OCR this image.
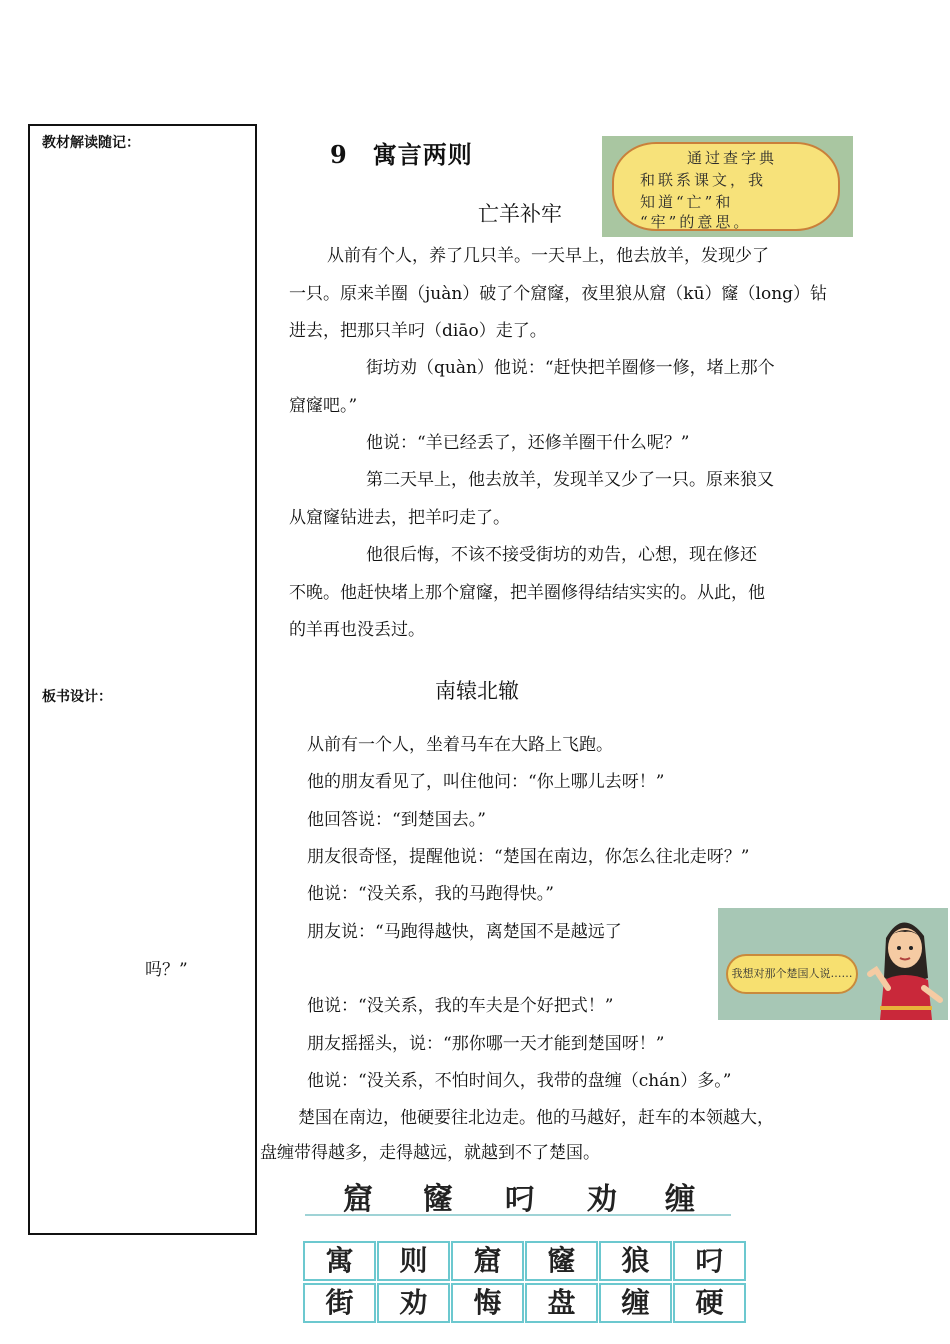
教材解读随记：
板书设计：
9　寓言两则	通过查字典
和联系课文，我
知道“亡”和
“牢”的意思。
亡羊补牢
从前有个人，养了几只羊。一天早上，他去放羊，发现少了
一只。原来羊圈（juàn）破了个窟窿，夜里狼从窟（kū）窿（long）钻
进去，把那只羊叼（diāo）走了。
街坊劝（quàn）他说：“赶快把羊圈修一修，堵上那个
窟窿吧。”
他说：“羊已经丢了，还修羊圈干什么呢？”
第二天早上，他去放羊，发现羊又少了一只。原来狼又
从窟窿钻进去，把羊叼走了。
他很后悔，不该不接受街坊的劝告，心想，现在修还
不晚。他赶快堵上那个窟窿，把羊圈修得结结实实的。从此，他
的羊再也没丢过。
南辕北辙
从前有一个人，坐着马车在大路上飞跑。
他的朋友看见了，叫住他问：“你上哪儿去呀！”
他回答说：“到楚国去。”
朋友很奇怪，提醒他说：“楚国在南边，你怎么往北走呀？”
他说：“没关系，我的马跑得快。”
朋友说：“马跑得越快，离楚国不是越远了
吗？”
他说：“没关系，我的车夫是个好把式！”
朋友摇摇头，说：“那你哪一天才能到楚国呀！”
他说：“没关系，不怕时间久，我带的盘缠（chán）多。”
楚国在南边，他硬要往北边走。他的马越好，赶车的本领越大，
盘缠带得越多，走得越远，就越到不了楚国。
我想对那个楚国人说……
窟 窿 叼 劝 缠
寓	则	窟	窿	狼	叼
街	劝	悔	盘	缠	硬
